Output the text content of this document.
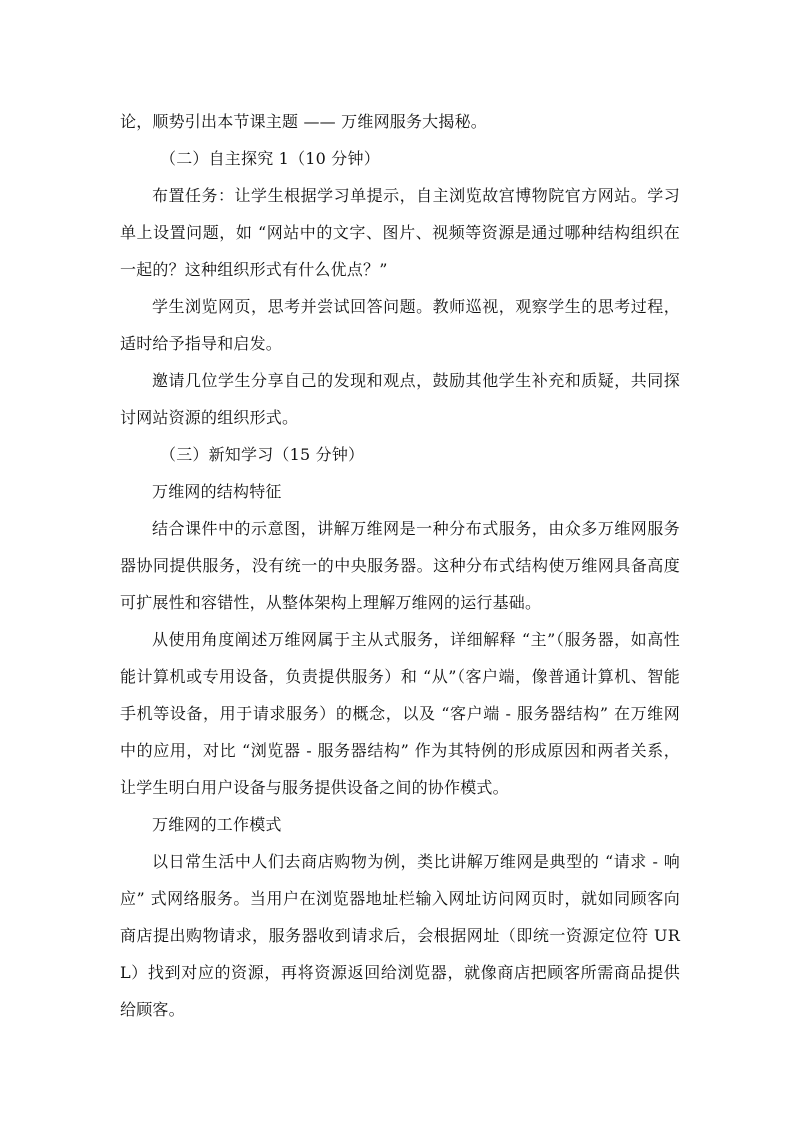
论，顺势引出本节课主题 —— 万维网服务大揭秘。

（二）自主探究 1（10 分钟）

布置任务：让学生根据学习单提示，自主浏览故宫博物院官方网站。学习单上设置问题，如 “网站中的文字、图片、视频等资源是通过哪种结构组织在一起的？这种组织形式有什么优点？”

学生浏览网页，思考并尝试回答问题。教师巡视，观察学生的思考过程，适时给予指导和启发。

邀请几位学生分享自己的发现和观点，鼓励其他学生补充和质疑，共同探讨网站资源的组织形式。

（三）新知学习（15 分钟）

万维网的结构特征

结合课件中的示意图，讲解万维网是一种分布式服务，由众多万维网服务器协同提供服务，没有统一的中央服务器。这种分布式结构使万维网具备高度可扩展性和容错性，从整体架构上理解万维网的运行基础。

从使用角度阐述万维网属于主从式服务，详细解释 “主”（服务器，如高性能计算机或专用设备，负责提供服务）和 “从”（客户端，像普通计算机、智能手机等设备，用于请求服务）的概念，以及 “客户端 - 服务器结构” 在万维网中的应用，对比 “浏览器 - 服务器结构” 作为其特例的形成原因和两者关系，让学生明白用户设备与服务提供设备之间的协作模式。

万维网的工作模式

以日常生活中人们去商店购物为例，类比讲解万维网是典型的 “请求 - 响应” 式网络服务。当用户在浏览器地址栏输入网址访问网页时，就如同顾客向商店提出购物请求，服务器收到请求后，会根据网址（即统一资源定位符 URL）找到对应的资源，再将资源返回给浏览器，就像商店把顾客所需商品提供给顾客。
